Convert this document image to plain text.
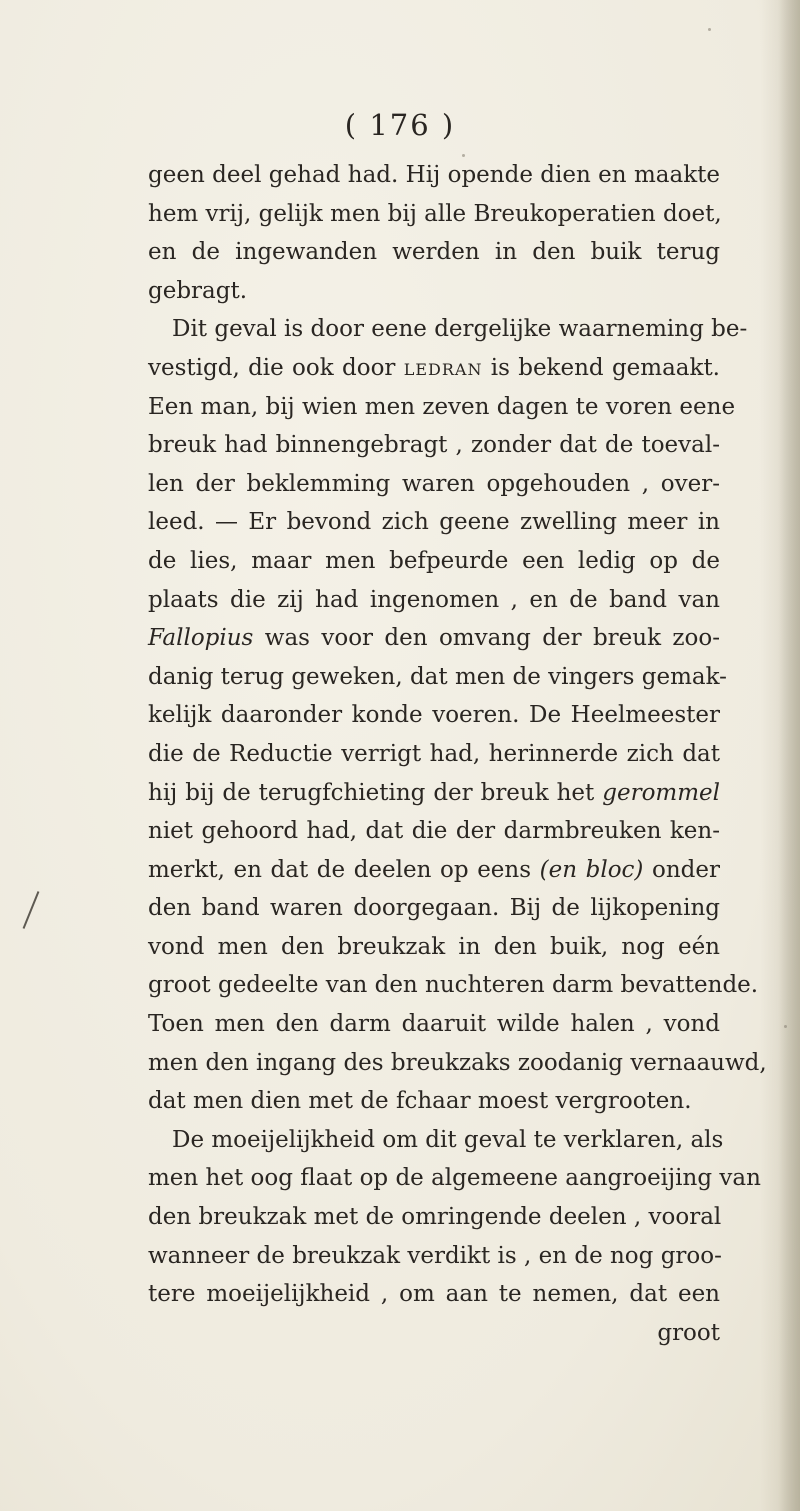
( 176 )
geen deel gehad had. Hij opende dien en maakte
hem vrij, gelijk men bij alle Breukoperatien doet,
en de ingewanden werden in den buik terug
gebragt.
Dit geval is door eene dergelijke waarneming be-
vestigd, die ook door ledran is bekend gemaakt.
Een man, bij wien men zeven dagen te voren eene
breuk had binnengebragt , zonder dat de toeval-
len der beklemming waren opgehouden , over-
leed. — Er bevond zich geene zwelling meer in
de lies, maar men befpeurde een ledig op de
plaats die zij had ingenomen , en de band van
Fallopius was voor den omvang der breuk zoo-
danig terug geweken, dat men de vingers gemak-
kelijk daaronder konde voeren. De Heelmeester
die de Reductie verrigt had, herinnerde zich dat
hij bij de terugfchieting der breuk het gerommel
niet gehoord had, dat die der darmbreuken ken-
merkt, en dat de deelen op eens (en bloc) onder
den band waren doorgegaan. Bij de lijkopening
vond men den breukzak in den buik, nog eén
groot gedeelte van den nuchteren darm bevattende.
Toen men den darm daaruit wilde halen , vond
men den ingang des breukzaks zoodanig vernaauwd,
dat men dien met de fchaar moest vergrooten.
De moeijelijkheid om dit geval te verklaren, als
men het oog flaat op de algemeene aangroeijing van
den breukzak met de omringende deelen , vooral
wanneer de breukzak verdikt is , en de nog groo-
tere moeijelijkheid , om aan te nemen, dat een
groot
